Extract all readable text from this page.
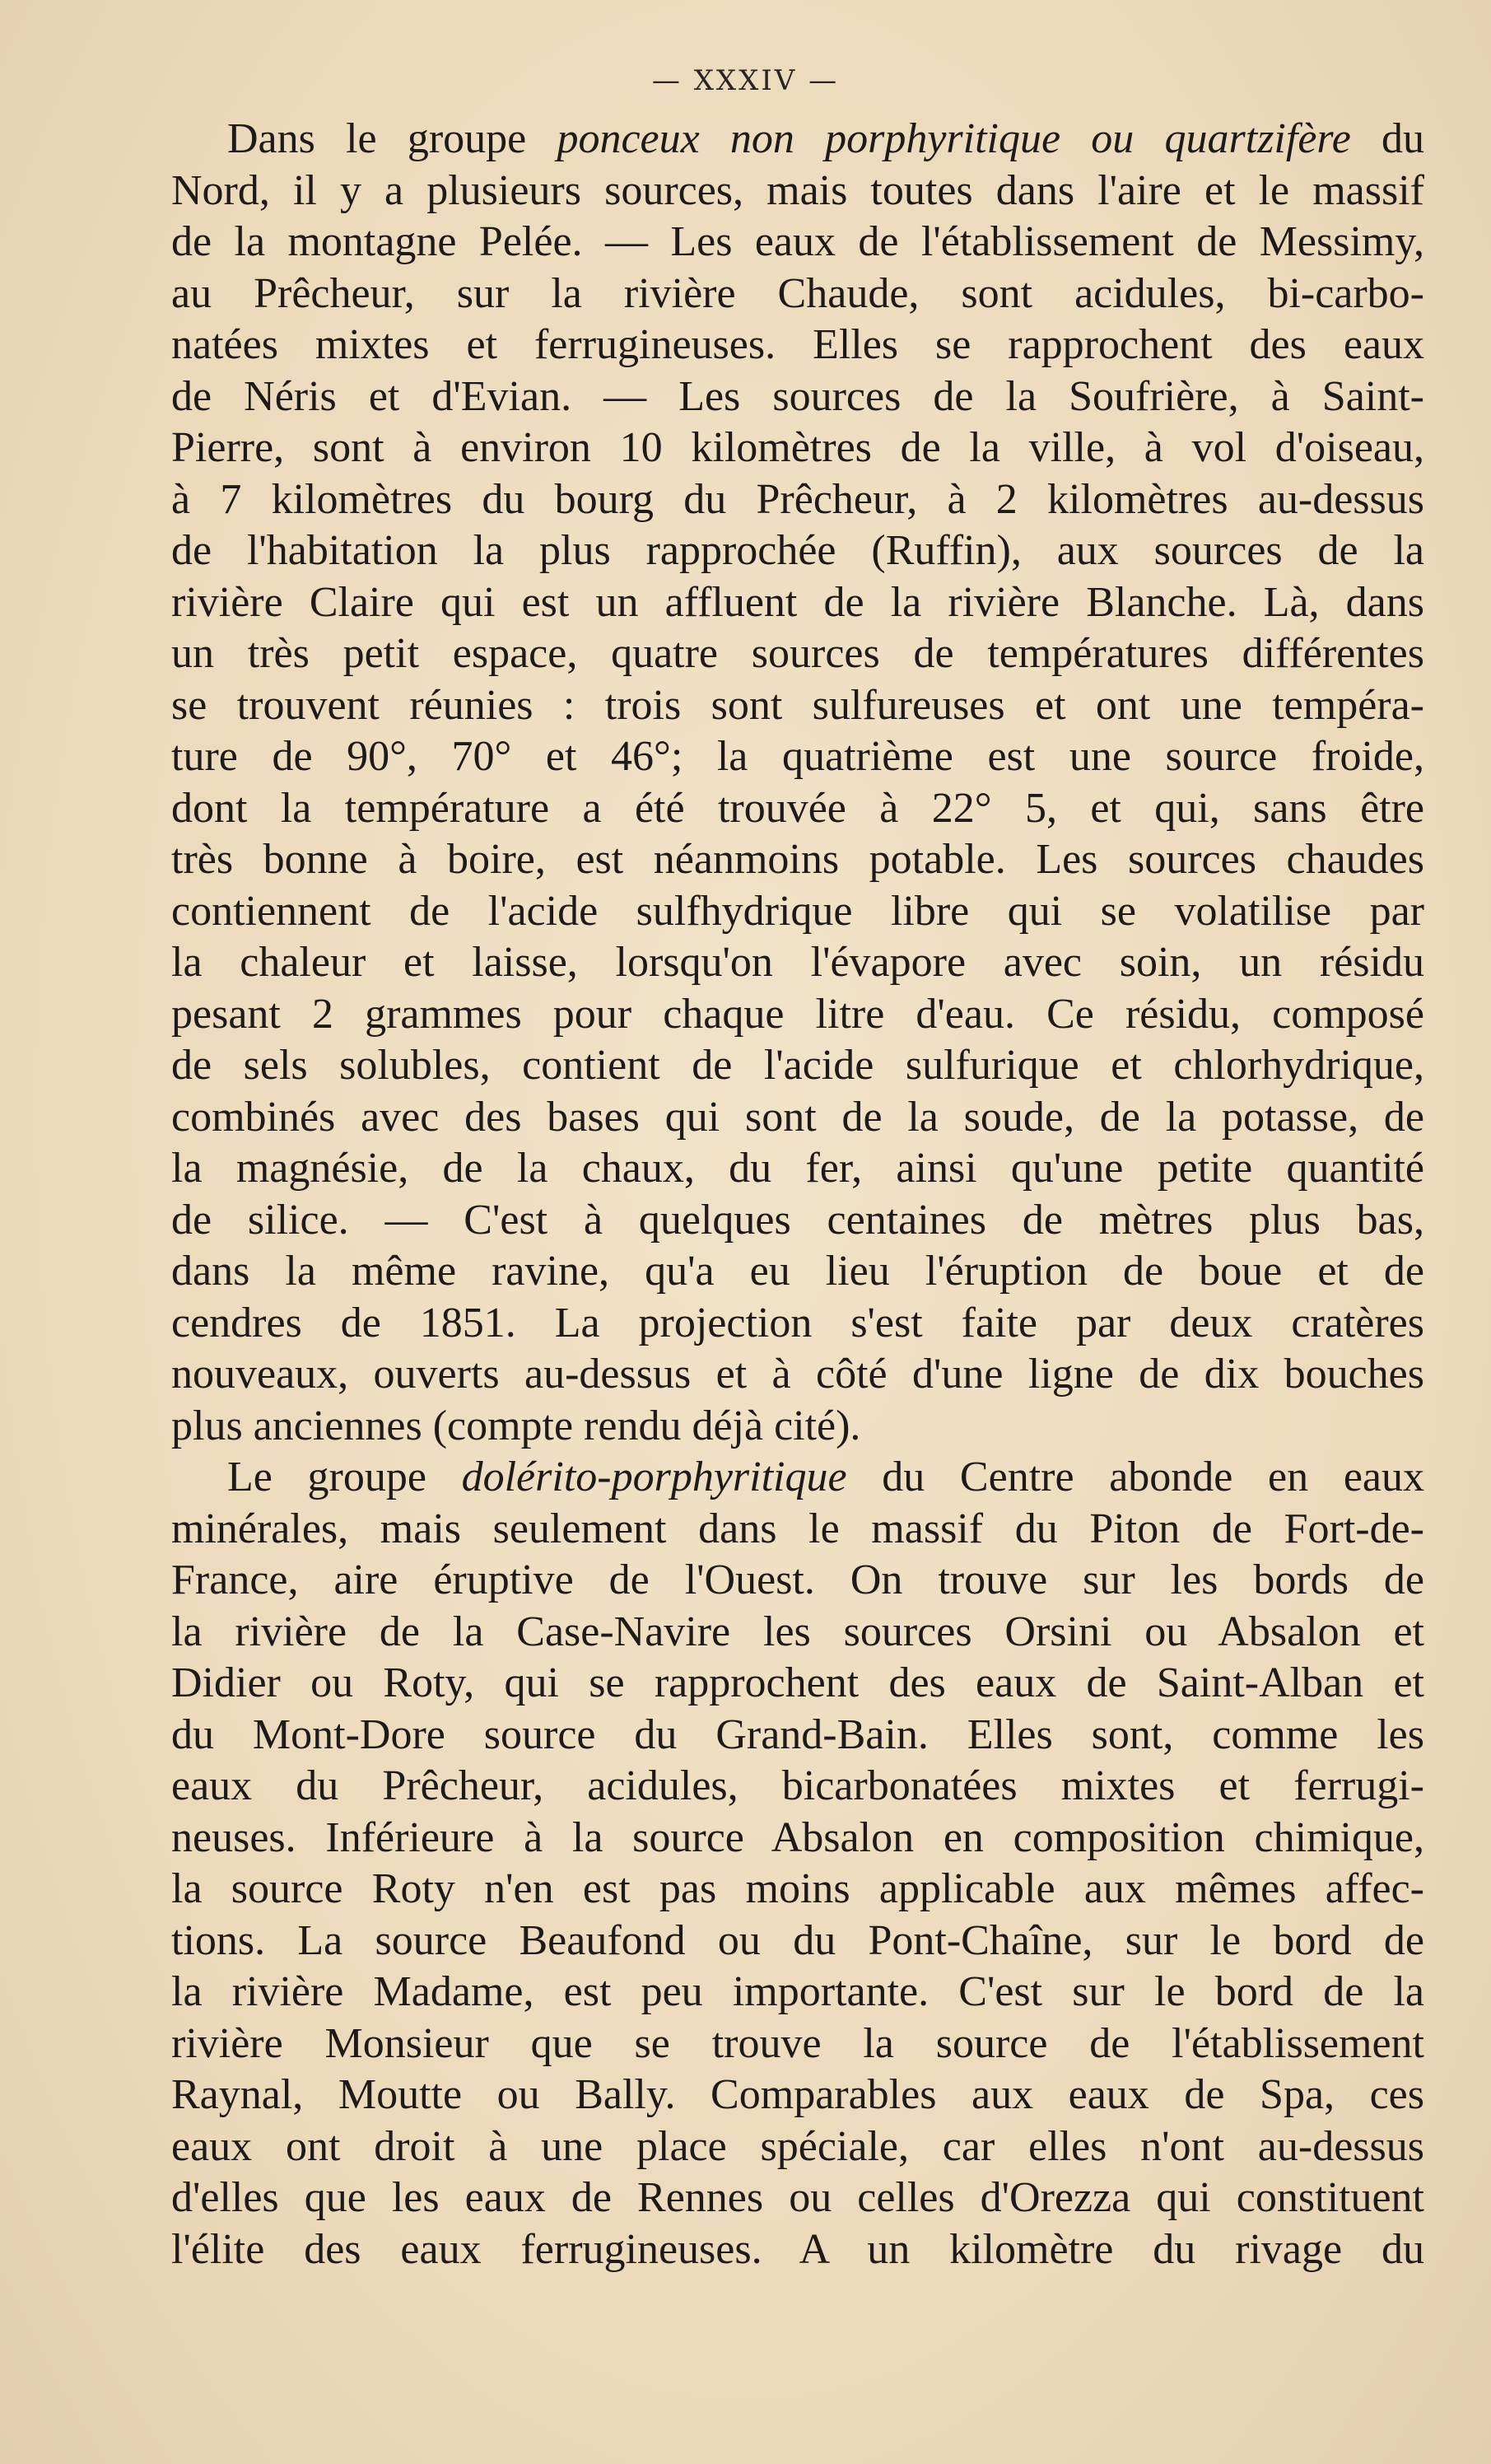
— XXXIV —
Dans le groupe ponceux non porphyritique ou quartzifère du
Nord, il y a plusieurs sources, mais toutes dans l'aire et le massif
de la montagne Pelée. — Les eaux de l'établissement de Messimy,
au Prêcheur, sur la rivière Chaude, sont acidules, bi-carbo-
natées mixtes et ferrugineuses. Elles se rapprochent des eaux
de Néris et d'Evian. — Les sources de la Soufrière, à Saint-
Pierre, sont à environ 10 kilomètres de la ville, à vol d'oiseau,
à 7 kilomètres du bourg du Prêcheur, à 2 kilomètres au-dessus
de l'habitation la plus rapprochée (Ruffin), aux sources de la
rivière Claire qui est un affluent de la rivière Blanche. Là, dans
un très petit espace, quatre sources de températures différentes
se trouvent réunies : trois sont sulfureuses et ont une tempéra-
ture de 90°, 70° et 46°; la quatrième est une source froide,
dont la température a été trouvée à 22° 5, et qui, sans être
très bonne à boire, est néanmoins potable. Les sources chaudes
contiennent de l'acide sulfhydrique libre qui se volatilise par
la chaleur et laisse, lorsqu'on l'évapore avec soin, un résidu
pesant 2 grammes pour chaque litre d'eau. Ce résidu, composé
de sels solubles, contient de l'acide sulfurique et chlorhydrique,
combinés avec des bases qui sont de la soude, de la potasse, de
la magnésie, de la chaux, du fer, ainsi qu'une petite quantité
de silice. — C'est à quelques centaines de mètres plus bas,
dans la même ravine, qu'a eu lieu l'éruption de boue et de
cendres de 1851. La projection s'est faite par deux cratères
nouveaux, ouverts au-dessus et à côté d'une ligne de dix bouches
plus anciennes (compte rendu déjà cité).
Le groupe dolérito-porphyritique du Centre abonde en eaux
minérales, mais seulement dans le massif du Piton de Fort-de-
France, aire éruptive de l'Ouest. On trouve sur les bords de
la rivière de la Case-Navire les sources Orsini ou Absalon et
Didier ou Roty, qui se rapprochent des eaux de Saint-Alban et
du Mont-Dore source du Grand-Bain. Elles sont, comme les
eaux du Prêcheur, acidules, bicarbonatées mixtes et ferrugi-
neuses. Inférieure à la source Absalon en composition chimique,
la source Roty n'en est pas moins applicable aux mêmes affec-
tions. La source Beaufond ou du Pont-Chaîne, sur le bord de
la rivière Madame, est peu importante. C'est sur le bord de la
rivière Monsieur que se trouve la source de l'établissement
Raynal, Moutte ou Bally. Comparables aux eaux de Spa, ces
eaux ont droit à une place spéciale, car elles n'ont au-dessus
d'elles que les eaux de Rennes ou celles d'Orezza qui constituent
l'élite des eaux ferrugineuses. A un kilomètre du rivage du
